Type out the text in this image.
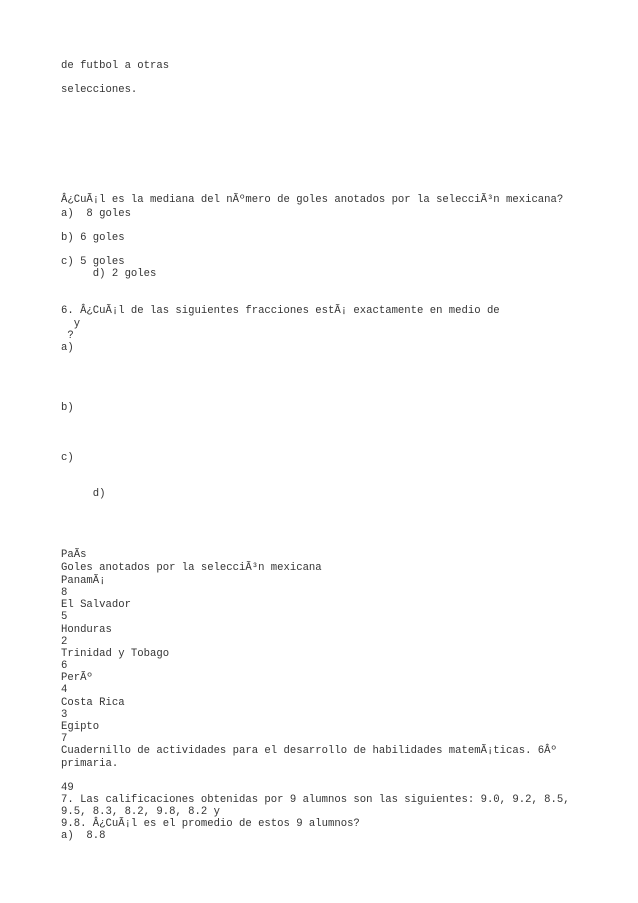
de futbol a otras

selecciones.

Â¿CuÃ¡l es la mediana del nÃºmero de goles anotados por la selecciÃ³n mexicana?

a)  8 goles

b) 6 goles

c) 5 goles

d) 2 goles

6. Â¿CuÃ¡l de las siguientes fracciones estÃ¡ exactamente en medio de

y

?

a)

b)

c)

d)

PaÃs

Goles anotados por la selecciÃ³n mexicana

PanamÃ¡

8

El Salvador

5

Honduras

2

Trinidad y Tobago

6

PerÃº

4

Costa Rica

3

Egipto

7

Cuadernillo de actividades para el desarrollo de habilidades matemÃ¡ticas. 6Âº

primaria.

49

7. Las calificaciones obtenidas por 9 alumnos son las siguientes: 9.0, 9.2, 8.5,

9.5, 8.3, 8.2, 9.8, 8.2 y

9.8. Â¿CuÃ¡l es el promedio de estos 9 alumnos?

a)  8.8
